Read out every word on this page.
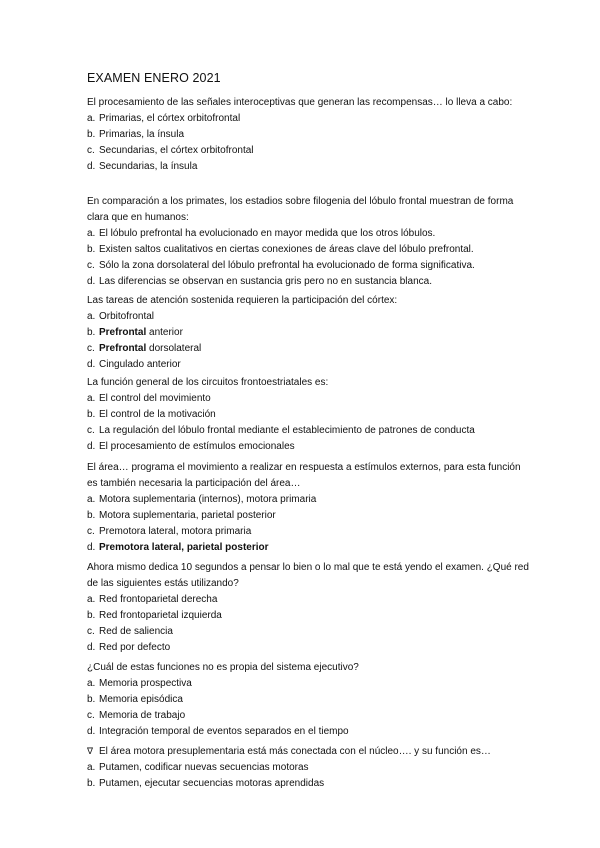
EXAMEN ENERO 2021
El procesamiento de las señales interoceptivas que generan las recompensas… lo lleva a cabo:
a. Primarias, el córtex orbitofrontal
b. Primarias, la ínsula
c. Secundarias, el córtex orbitofrontal
d. Secundarias, la ínsula
En comparación a los primates, los estadios sobre filogenia del lóbulo frontal muestran de forma clara que en humanos:
a. El lóbulo prefrontal ha evolucionado en mayor medida que los otros lóbulos.
b. Existen saltos cualitativos en ciertas conexiones de áreas clave del lóbulo prefrontal.
c. Sólo la zona dorsolateral del lóbulo prefrontal ha evolucionado de forma significativa.
d. Las diferencias se observan en sustancia gris pero no en sustancia blanca.
Las tareas de atención sostenida requieren la participación del córtex:
a. Orbitofrontal
b. Prefrontal anterior
c. Prefrontal dorsolateral
d. Cingulado anterior
La función general de los circuitos frontoestriatales es:
a. El control del movimiento
b. El control de la motivación
c. La regulación del lóbulo frontal mediante el establecimiento de patrones de conducta
d. El procesamiento de estímulos emocionales
El área… programa el movimiento a realizar en respuesta a estímulos externos, para esta función es también necesaria la participación del área…
a. Motora suplementaria (internos), motora primaria
b. Motora suplementaria, parietal posterior
c. Premotora lateral, motora primaria
d. Premotora lateral, parietal posterior
Ahora mismo dedica 10 segundos a pensar lo bien o lo mal que te está yendo el examen. ¿Qué red de las siguientes estás utilizando?
a. Red frontoparietal derecha
b. Red frontoparietal izquierda
c. Red de saliencia
d. Red por defecto
¿Cuál de estas funciones no es propia del sistema ejecutivo?
a. Memoria prospectiva
b. Memoria episódica
c. Memoria de trabajo
d. Integración temporal de eventos separados en el tiempo
∇ El área motora presuplementaria está más conectada con el núcleo…. y su función es…
a. Putamen, codificar nuevas secuencias motoras
b. Putamen, ejecutar secuencias motoras aprendidas
